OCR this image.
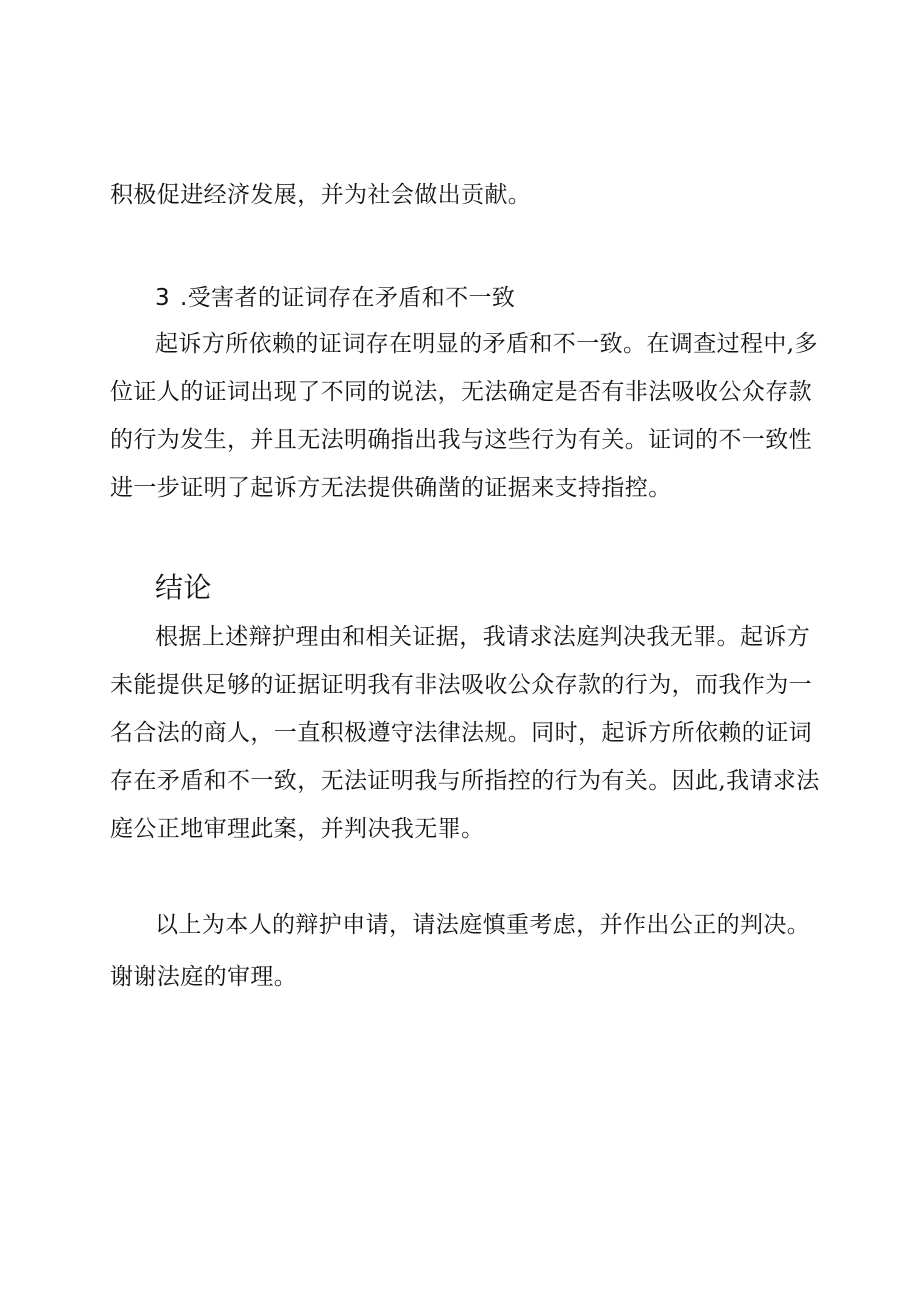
积极促进经济发展，并为社会做出贡献。
3 .受害者的证词存在矛盾和不一致
起诉方所依赖的证词存在明显的矛盾和不一致。在调查过程中,多
位证人的证词出现了不同的说法，无法确定是否有非法吸收公众存款
的行为发生，并且无法明确指出我与这些行为有关。证词的不一致性
进一步证明了起诉方无法提供确凿的证据来支持指控。
结论
根据上述辩护理由和相关证据，我请求法庭判决我无罪。起诉方
未能提供足够的证据证明我有非法吸收公众存款的行为，而我作为一
名合法的商人，一直积极遵守法律法规。同时，起诉方所依赖的证词
存在矛盾和不一致，无法证明我与所指控的行为有关。因此,我请求法
庭公正地审理此案，并判决我无罪。
以上为本人的辩护申请，请法庭慎重考虑，并作出公正的判决。
谢谢法庭的审理。
